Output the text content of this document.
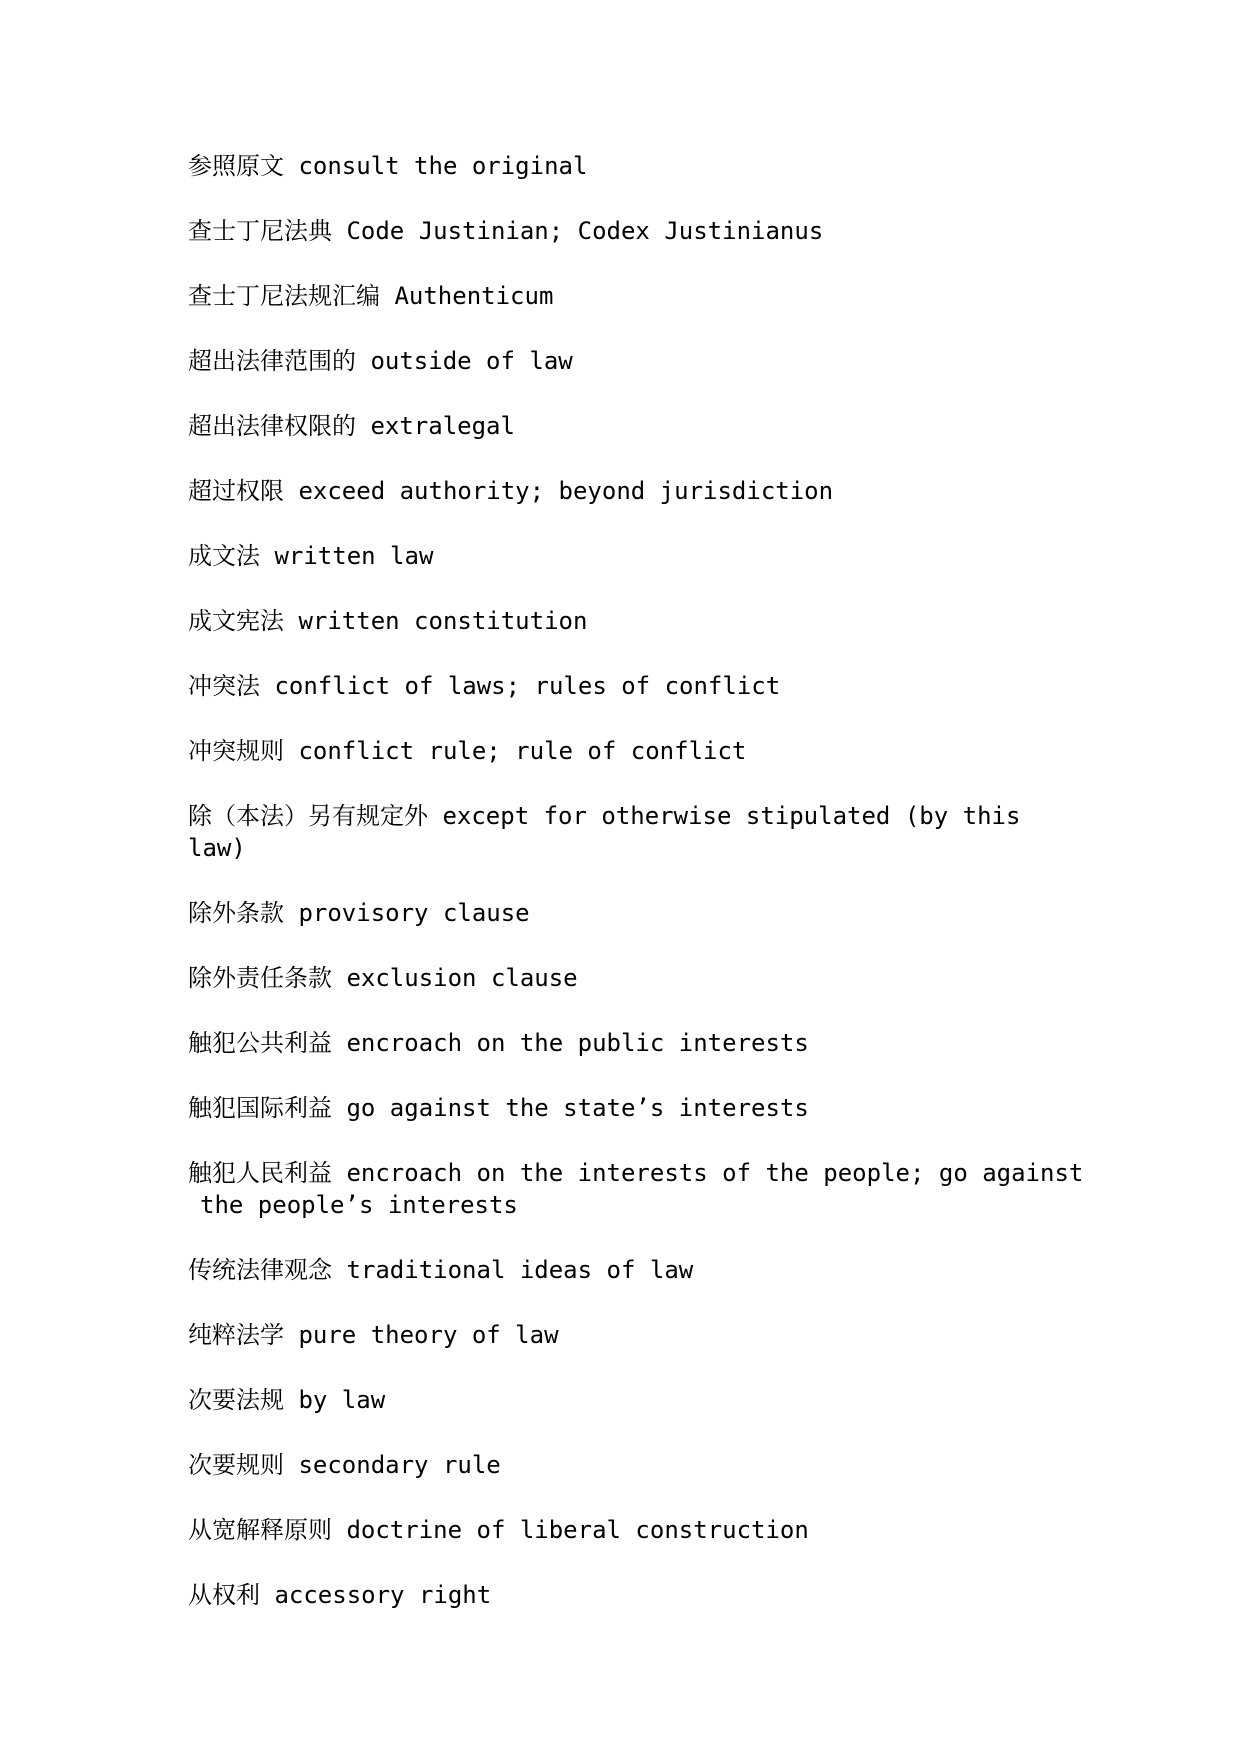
参照原文 consult the original
查士丁尼法典 Code Justinian; Codex Justinianus
查士丁尼法规汇编 Authenticum
超出法律范围的 outside of law
超出法律权限的 extralegal
超过权限 exceed authority; beyond jurisdiction
成文法 written law
成文宪法 written constitution
冲突法 conflict of laws; rules of conflict
冲突规则 conflict rule; rule of conflict
除（本法）另有规定外 except for otherwise stipulated (by this law)
除外条款 provisory clause
除外责任条款 exclusion clause
触犯公共利益 encroach on the public interests
触犯国际利益 go against the state’s interests
触犯人民利益 encroach on the interests of the people; go against the people’s interests
传统法律观念 traditional ideas of law
纯粹法学 pure theory of law
次要法规 by law
次要规则 secondary rule
从宽解释原则 doctrine of liberal construction
从权利 accessory right
